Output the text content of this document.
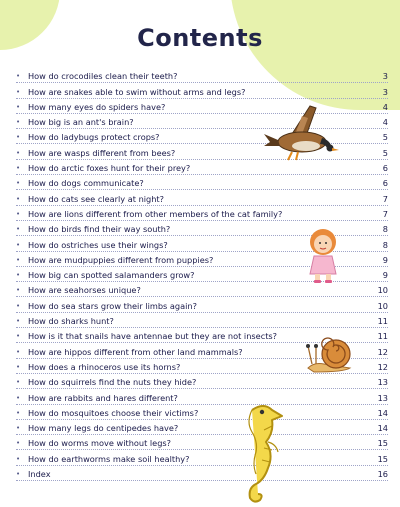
Contents
• How do crocodiles clean their teeth?	3
• How are snakes able to swim without arms and legs?	3
• How many eyes do spiders have?	4
• How big is an ant's brain?	4
• How do ladybugs protect crops?	5
• How are wasps different from bees?	5
• How do arctic foxes hunt for their prey?	6
• How do dogs communicate?	6
• How do cats see clearly at night?	7
• How are lions different from other members of the cat family?	7
• How do birds find their way south?	8
• How do ostriches use their wings?	8
• How are mudpuppies different from puppies?	9
• How big can spotted salamanders grow?	9
• How are seahorses unique?	10
• How do sea stars grow their limbs again?	10
• How do sharks hunt?	11
• How is it that snails have antennae but they are not insects?	11
• How are hippos different from other land mammals?	12
• How does a rhinoceros use its horns?	12
• How do squirrels find the nuts they hide?	13
• How are rabbits and hares different?	13
• How do mosquitoes choose their victims?	14
• How many legs do centipedes have?	14
• How do worms move without legs?	15
• How do earthworms make soil healthy?	15
• Index	16
